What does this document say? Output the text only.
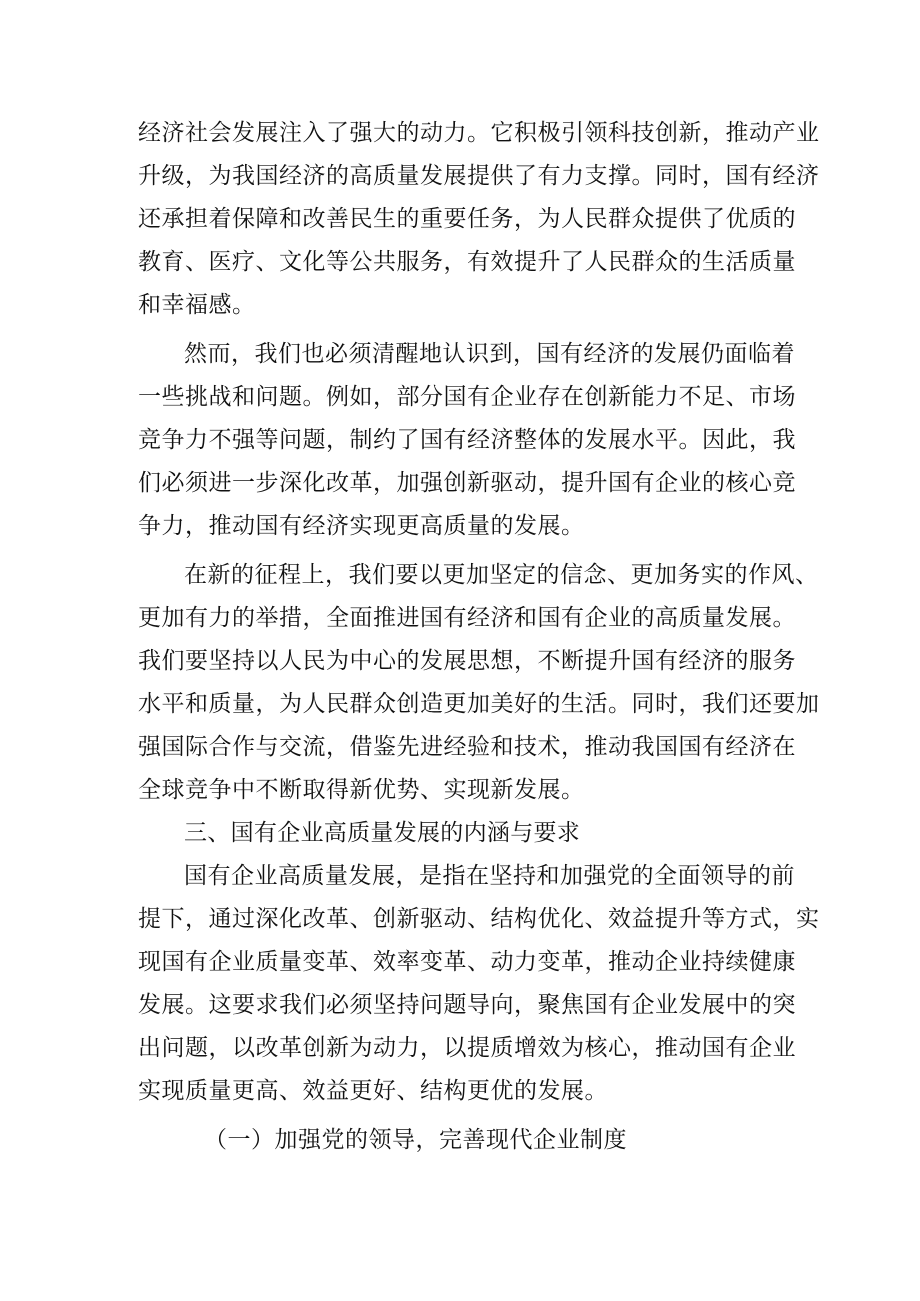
经济社会发展注入了强大的动力。它积极引领科技创新，推动产业
升级，为我国经济的高质量发展提供了有力支撑。同时，国有经济
还承担着保障和改善民生的重要任务，为人民群众提供了优质的
教育、医疗、文化等公共服务，有效提升了人民群众的生活质量
和幸福感。
然而，我们也必须清醒地认识到，国有经济的发展仍面临着
一些挑战和问题。例如，部分国有企业存在创新能力不足、市场
竞争力不强等问题，制约了国有经济整体的发展水平。因此，我
们必须进一步深化改革，加强创新驱动，提升国有企业的核心竞
争力，推动国有经济实现更高质量的发展。
在新的征程上，我们要以更加坚定的信念、更加务实的作风、
更加有力的举措，全面推进国有经济和国有企业的高质量发展。
我们要坚持以人民为中心的发展思想，不断提升国有经济的服务
水平和质量，为人民群众创造更加美好的生活。同时，我们还要加
强国际合作与交流，借鉴先进经验和技术，推动我国国有经济在
全球竞争中不断取得新优势、实现新发展。
三、国有企业高质量发展的内涵与要求
国有企业高质量发展，是指在坚持和加强党的全面领导的前
提下，通过深化改革、创新驱动、结构优化、效益提升等方式，实
现国有企业质量变革、效率变革、动力变革，推动企业持续健康
发展。这要求我们必须坚持问题导向，聚焦国有企业发展中的突
出问题，以改革创新为动力，以提质增效为核心，推动国有企业
实现质量更高、效益更好、结构更优的发展。
（一）加强党的领导，完善现代企业制度
